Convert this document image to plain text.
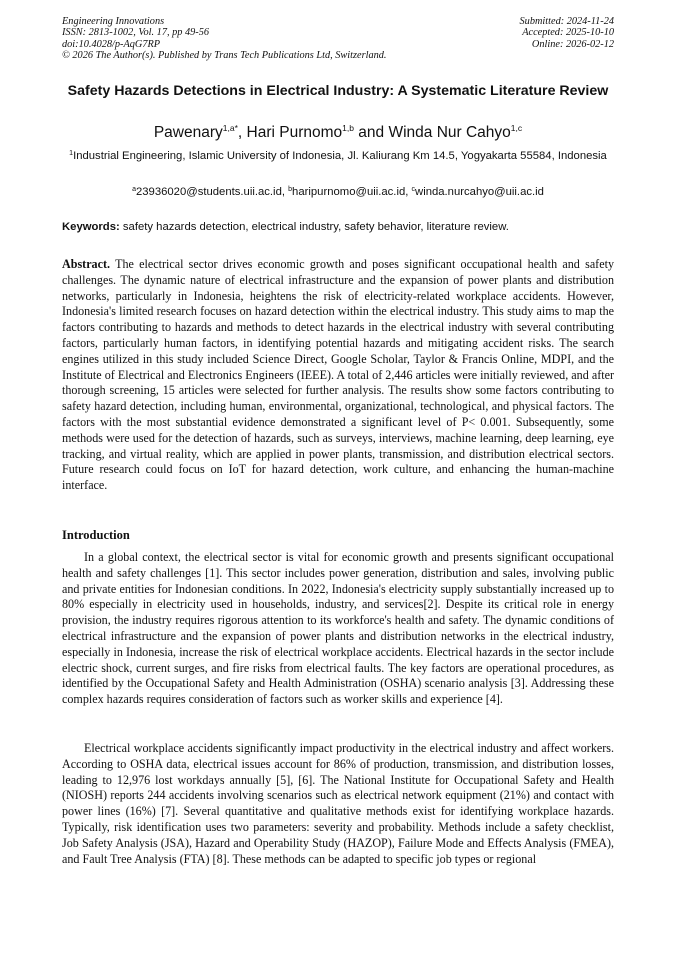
Engineering Innovations
ISSN: 2813-1002, Vol. 17, pp 49-56
doi:10.4028/p-AqG7RP
© 2026 The Author(s). Published by Trans Tech Publications Ltd, Switzerland.
Submitted: 2024-11-24
Accepted: 2025-10-10
Online: 2026-02-12
Safety Hazards Detections in Electrical Industry: A Systematic Literature Review
Pawenary$^{1,a*}$, Hari Purnomo$^{1,b}$ and Winda Nur Cahyo$^{1,c}$
$^1$Industrial Engineering, Islamic University of Indonesia, Jl. Kaliurang Km 14.5, Yogyakarta 55584, Indonesia
$^a$23936020@students.uii.ac.id, $^b$haripurnomo@uii.ac.id, $^c$winda.nurcahyo@uii.ac.id
Keywords: safety hazards detection, electrical industry, safety behavior, literature review.

Abstract. The electrical sector drives economic growth and poses significant occupational health and safety challenges. The dynamic nature of electrical infrastructure and the expansion of power plants and distribution networks, particularly in Indonesia, heightens the risk of electricity-related workplace accidents. However, Indonesia's limited research focuses on hazard detection within the electrical industry. This study aims to map the factors contributing to hazards and methods to detect hazards in the electrical industry with several contributing factors, particularly human factors, in identifying potential hazards and mitigating accident risks. The search engines utilized in this study included Science Direct, Google Scholar, Taylor & Francis Online, MDPI, and the Institute of Electrical and Electronics Engineers (IEEE). A total of 2,446 articles were initially reviewed, and after thorough screening, 15 articles were selected for further analysis. The results show some factors contributing to safety hazard detection, including human, environmental, organizational, technological, and physical factors. The factors with the most substantial evidence demonstrated a significant level of P< 0.001. Subsequently, some methods were used for the detection of hazards, such as surveys, interviews, machine learning, deep learning, eye tracking, and virtual reality, which are applied in power plants, transmission, and distribution electrical sectors. Future research could focus on IoT for hazard detection, work culture, and enhancing the human-machine interface.

Introduction

In a global context, the electrical sector is vital for economic growth and presents significant occupational health and safety challenges [1]. This sector includes power generation, distribution and sales, involving public and private entities for Indonesian conditions. In 2022, Indonesia's electricity supply substantially increased up to 80% especially in electricity used in households, industry, and services[2]. Despite its critical role in energy provision, the industry requires rigorous attention to its workforce's health and safety. The dynamic conditions of electrical infrastructure and the expansion of power plants and distribution networks in the electrical industry, especially in Indonesia, increase the risk of electrical workplace accidents. Electrical hazards in the sector include electric shock, current surges, and fire risks from electrical faults. The key factors are operational procedures, as identified by the Occupational Safety and Health Administration (OSHA) scenario analysis [3]. Addressing these complex hazards requires consideration of factors such as worker skills and experience [4].

Electrical workplace accidents significantly impact productivity in the electrical industry and affect workers. According to OSHA data, electrical issues account for 86% of production, transmission, and distribution losses, leading to 12,976 lost workdays annually [5], [6]. The National Institute for Occupational Safety and Health (NIOSH) reports 244 accidents involving scenarios such as electrical network equipment (21%) and contact with power lines (16%) [7]. Several quantitative and qualitative methods exist for identifying workplace hazards. Typically, risk identification uses two parameters: severity and probability. Methods include a safety checklist, Job Safety Analysis (JSA), Hazard and Operability Study (HAZOP), Failure Mode and Effects Analysis (FMEA), and Fault Tree Analysis (FTA) [8]. These methods can be adapted to specific job types or regional
